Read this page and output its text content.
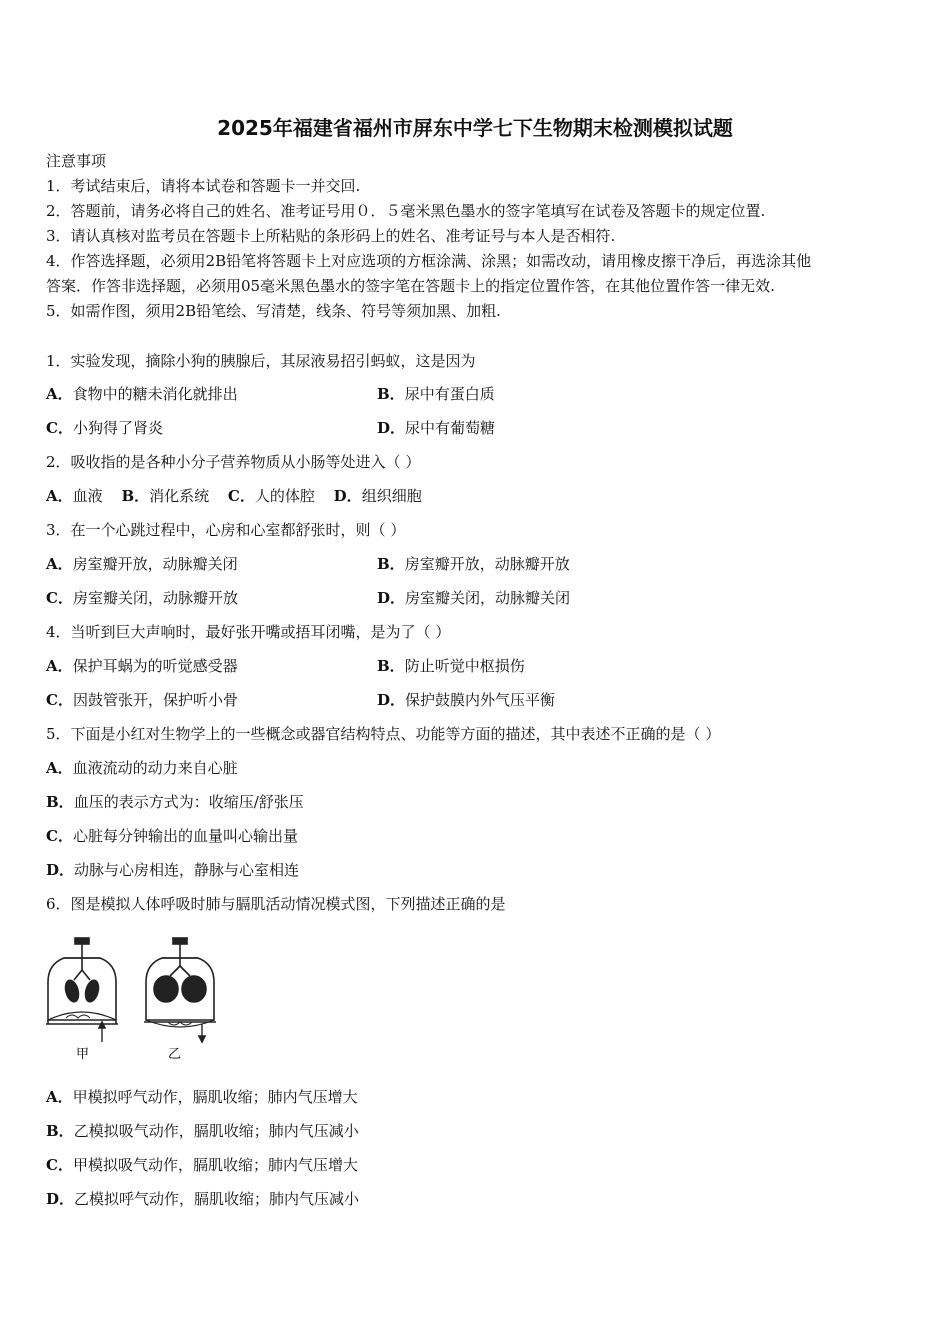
2025年福建省福州市屏东中学七下生物期末检测模拟试题
注意事项
1．考试结束后，请将本试卷和答题卡一并交回.
2．答题前，请务必将自己的姓名、准考证号用０．５毫米黑色墨水的签字笔填写在试卷及答题卡的规定位置.
3．请认真核对监考员在答题卡上所粘贴的条形码上的姓名、准考证号与本人是否相符.
4．作答选择题，必须用2B铅笔将答题卡上对应选项的方框涂满、涂黑；如需改动，请用橡皮擦干净后，再选涂其他
答案．作答非选择题，必须用05毫米黑色墨水的签字笔在答题卡上的指定位置作答，在其他位置作答一律无效.
5．如需作图，须用2B铅笔绘、写清楚，线条、符号等须加黑、加粗.
1．实验发现，摘除小狗的胰腺后，其尿液易招引蚂蚁，这是因为
A．食物中的糖未消化就排出	B．尿中有蛋白质
C．小狗得了肾炎	D．尿中有葡萄糖
2．吸收指的是各种小分子营养物质从小肠等处进入（ ）
A．血液 B．消化系统 C．人的体腔 D．组织细胞
3．在一个心跳过程中，心房和心室都舒张时，则（ ）
A．房室瓣开放，动脉瓣关闭	B．房室瓣开放，动脉瓣开放
C．房室瓣关闭，动脉瓣开放	D．房室瓣关闭，动脉瓣关闭
4．当听到巨大声响时，最好张开嘴或捂耳闭嘴，是为了（ ）
A．保护耳蜗为的听觉感受器	B．防止听觉中枢损伤
C．因鼓管张开，保护听小骨	D．保护鼓膜内外气压平衡
5．下面是小红对生物学上的一些概念或器官结构特点、功能等方面的描述，其中表述不正确的是（ ）
A．血液流动的动力来自心脏
B．血压的表示方式为：收缩压/舒张压
C．心脏每分钟输出的血量叫心输出量
D．动脉与心房相连，静脉与心室相连
6．图是模拟人体呼吸时肺与膈肌活动情况模式图，下列描述正确的是
甲	乙
A．甲模拟呼气动作，膈肌收缩；肺内气压增大
B．乙模拟吸气动作，膈肌收缩；肺内气压减小
C．甲模拟吸气动作，膈肌收缩；肺内气压增大
D．乙模拟呼气动作，膈肌收缩；肺内气压减小
